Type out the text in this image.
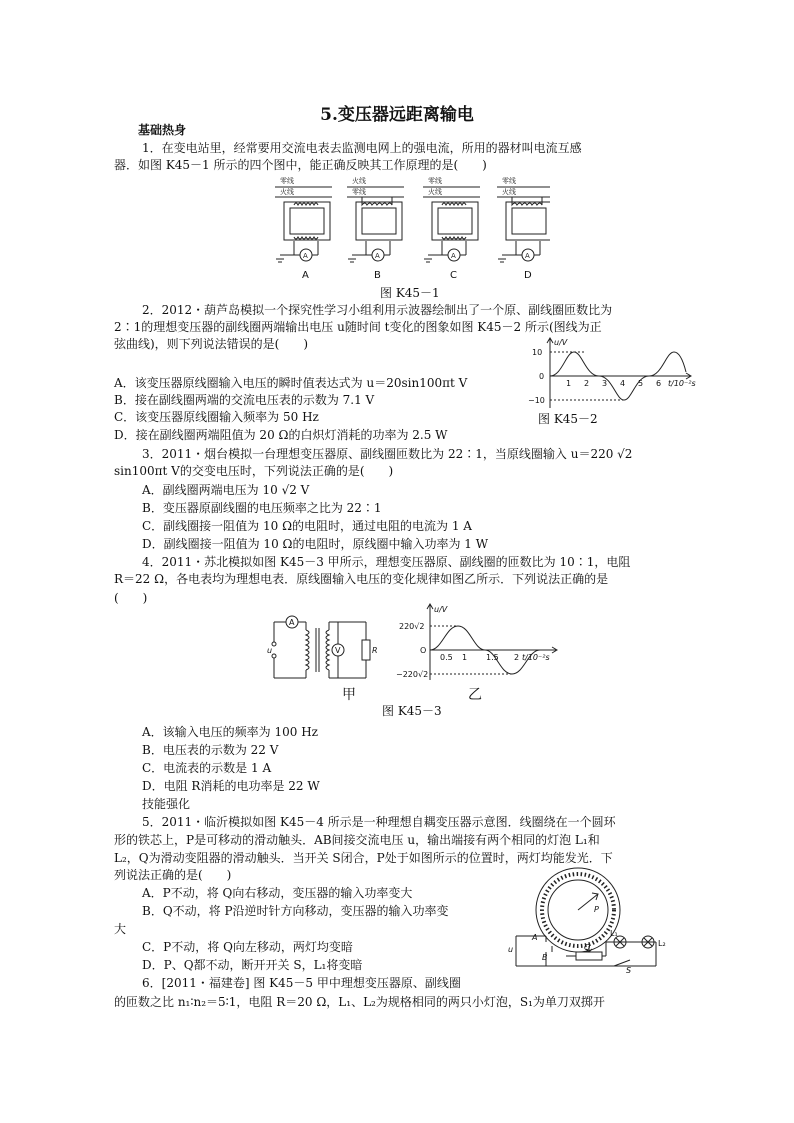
5.变压器远距离输电
基础热身
1．在变电站里，经常要用交流电表去监测电网上的强电流，所用的器材叫电流互感
器．如图 K45－1 所示的四个图中，能正确反映其工作原理的是(　　)
零线
火线
火线
零线
零线
火线
零线
火线
A	A	A	A
A	B	C	D
图 K45－1
2．2012・葫芦岛模拟一个探究性学习小组利用示波器绘制出了一个原、副线圈匝数比为
2∶1的理想变压器的副线圈两端输出电压 u随时间 t变化的图象如图 K45－2 所示(图线为正
弦曲线)，则下列说法错误的是(　　)	u/V
10
0
−10
1 2 3 4 5 6 t/10⁻²s
A．该变压器原线圈输入电压的瞬时值表达式为 u＝20sin100πt V
B．接在副线圈两端的交流电压表的示数为 7.1 V
C．该变压器原线圈输入频率为 50 Hz	图 K45－2
D．接在副线圈两端阻值为 20 Ω的白炽灯消耗的功率为 2.5 W
3．2011・烟台模拟一台理想变压器原、副线圈匝数比为 22∶1，当原线圈输入 u＝220 √2
sin100πt V的交变电压时，下列说法正确的是(　　)
A．副线圈两端电压为 10 √2 V
B．变压器原副线圈的电压频率之比为 22∶1
C．副线圈接一阻值为 10 Ω的电阻时，通过电阻的电流为 1 A
D．副线圈接一阻值为 10 Ω的电阻时，原线圈中输入功率为 1 W
4．2011・苏北模拟如图 K45－3 甲所示，理想变压器原、副线圈的匝数比为 10∶1，电阻
R＝22 Ω，各电表均为理想电表．原线圈输入电压的变化规律如图乙所示．下列说法正确的是
(　　)
A
V	R
u
u/V
220√2
O
−220√2
0.5 1 1.5 2 t/10⁻²s
甲	乙
图 K45－3
A．该输入电压的频率为 100 Hz
B．电压表的示数为 22 V
C．电流表的示数是 1 A
D．电阻 R消耗的电功率是 22 W
技能强化
5．2011・临沂模拟如图 K45－4 所示是一种理想自耦变压器示意图．线圈绕在一个圆环
形的铁芯上，P是可移动的滑动触头．AB间接交流电压 u，输出端接有两个相同的灯泡 L₁和
L₂，Q为滑动变阻器的滑动触头．当开关 S闭合，P处于如图所示的位置时，两灯均能发光．下
列说法正确的是(　　)
P
A
B
Q
S
u
L₁
L₂
A．P不动，将 Q向右移动，变压器的输入功率变大
B．Q不动，将 P沿逆时针方向移动，变压器的输入功率变
大
C．P不动，将 Q向左移动，两灯均变暗
D．P、Q都不动，断开开关 S，L₁将变暗
6．[2011・福建卷] 图 K45－5 甲中理想变压器原、副线圈
的匝数之比 n₁∶n₂＝5∶1，电阻 R＝20 Ω，L₁、L₂为规格相同的两只小灯泡，S₁为单刀双掷开
